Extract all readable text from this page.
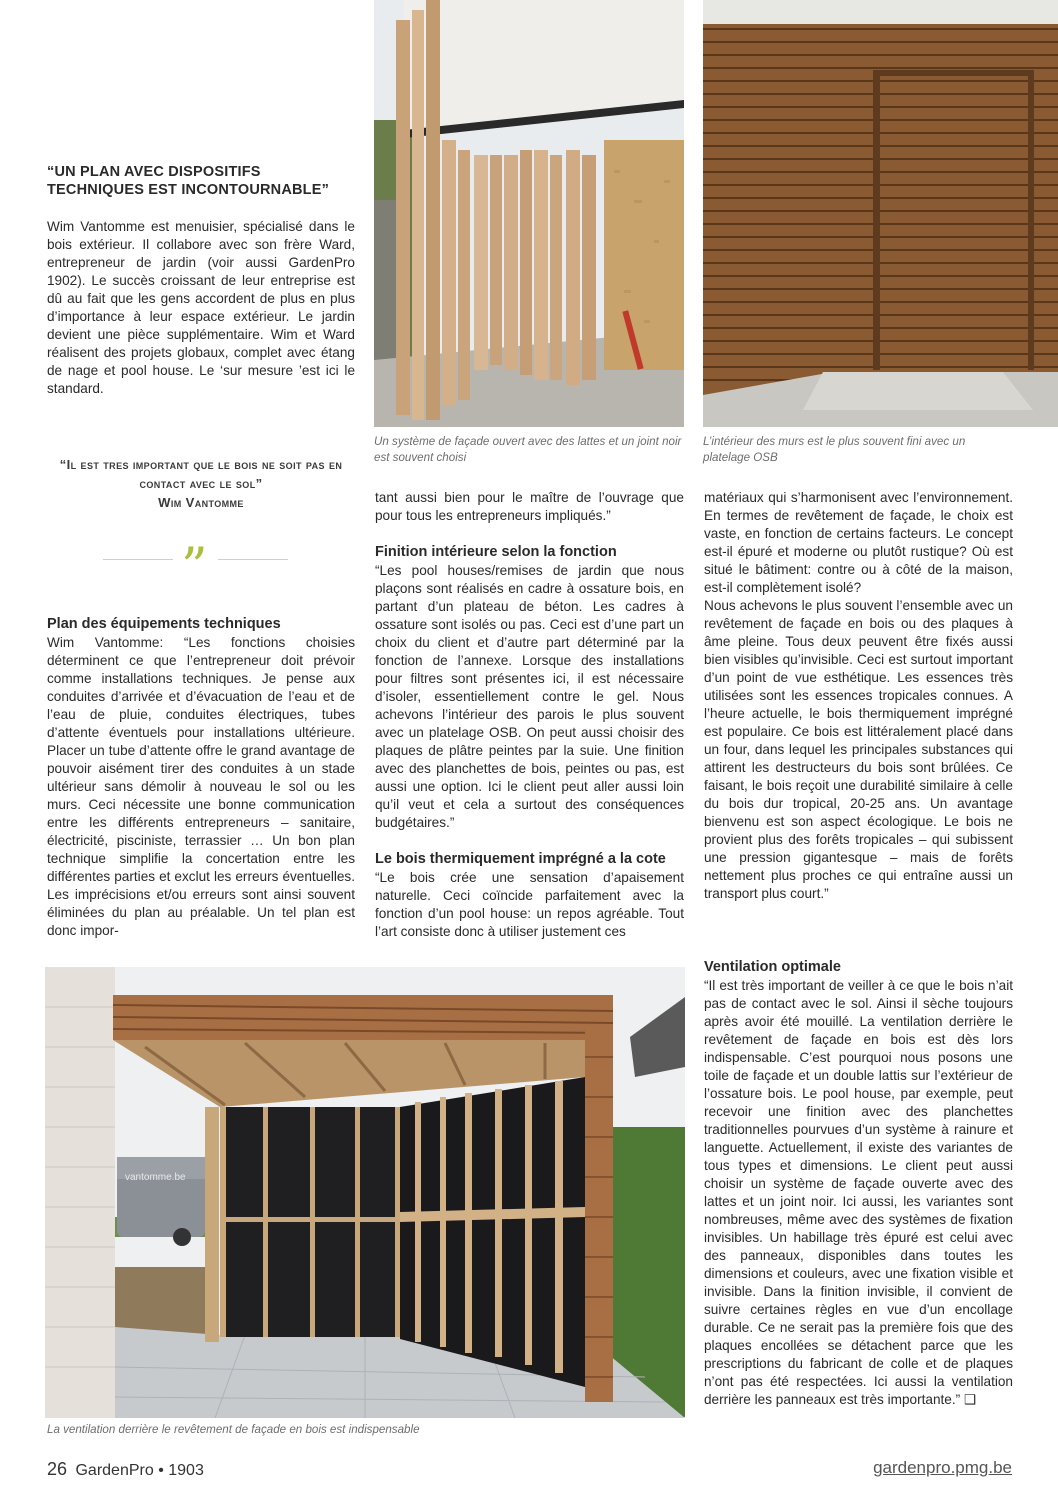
Un système de façade ouvert avec des lattes et un joint noir est souvent choisi
L’intérieur des murs est le plus souvent fini avec un platelage OSB
“UN PLAN AVEC DISPOSITIFS TECHNIQUES EST INCONTOURNABLE”
Wim Vantomme est menuisier, spécialisé dans le bois extérieur. Il collabore avec son frère Ward, entrepreneur de jardin (voir aussi GardenPro 1902). Le succès croissant de leur entreprise est dû au fait que les gens accordent de plus en plus d’importance à leur espace extérieur. Le jardin devient une pièce supplémentaire. Wim et Ward réalisent des projets globaux, complet avec étang de nage et pool house. Le ‘sur mesure ’est ici le standard.
“Il est tres important que le bois ne soit pas en contact avec le sol”
Wim Vantomme
”
Plan des équipements techniques
Wim Vantomme: “Les fonctions choisies déterminent ce que l’entrepreneur doit prévoir comme installations techniques. Je pense aux conduites d’arrivée et d’évacuation de l’eau et de l’eau de pluie, conduites électriques, tubes d’attente éventuels pour installations ultérieure. Placer un tube d’attente offre le grand avantage de pouvoir aisément tirer des conduites à un stade ultérieur sans démolir à nouveau le sol ou les murs. Ceci nécessite une bonne communication entre les différents entrepreneurs – sanitaire, électricité, pisciniste, terrassier … Un bon plan technique simplifie la concertation entre les différentes parties et exclut les erreurs éventuelles. Les imprécisions et/ou erreurs sont ainsi souvent éliminées du plan au préalable. Un tel plan est donc impor-
tant aussi bien pour le maître de l’ouvrage que pour tous les entrepreneurs impliqués.”
Finition intérieure selon la fonction
“Les pool houses/remises de jardin que nous plaçons sont réalisés en cadre à ossature bois, en partant d’un plateau de béton. Les cadres à ossature sont isolés ou pas. Ceci est d’une part un choix du client et d’autre part déterminé par la fonction de l’annexe. Lorsque des installations pour filtres sont présentes ici, il est nécessaire d’isoler, essentiellement contre le gel. Nous achevons l’intérieur des parois le plus souvent avec un platelage OSB. On peut aussi choisir des plaques de plâtre peintes par la suie. Une finition avec des planchettes de bois, peintes ou pas, est aussi une option. Ici le client peut aller aussi loin qu’il veut et cela a surtout des conséquences budgétaires.”
Le bois thermiquement imprégné a la cote
“Le bois crée une sensation d’apaisement naturelle. Ceci coïncide parfaitement avec la fonction d’un pool house: un repos agréable. Tout l’art consiste donc à utiliser justement ces

matériaux qui s’harmonisent avec l’environnement. En termes de revêtement de façade, le choix est vaste, en fonction de certains facteurs. Le concept est-il épuré et moderne ou plutôt rustique? Où est situé le bâtiment: contre ou à côté de la maison, est-il complètement isolé?

Nous achevons le plus souvent l’ensemble avec un revêtement de façade en bois ou des plaques à âme pleine. Tous deux peuvent être fixés aussi bien visibles qu’invisible. Ceci est surtout important d’un point de vue esthétique. Les essences très utilisées sont les essences tropicales connues. A l’heure actuelle, le bois thermiquement imprégné est populaire. Ce bois est littéralement placé dans un four, dans lequel les principales substances qui attirent les destructeurs du bois sont brûlées. Ce faisant, le bois reçoit une durabilité similaire à celle du bois dur tropical, 20-25 ans. Un avantage bienvenu est son aspect écologique. Le bois ne provient plus des forêts tropicales – qui subissent une pression gigantesque – mais de forêts nettement plus proches ce qui entraîne aussi un transport plus court.”

Ventilation optimale
“Il est très important de veiller à ce que le bois n’ait pas de contact avec le sol. Ainsi il sèche toujours après avoir été mouillé. La ventilation derrière le revêtement de façade en bois est dès lors indispensable. C’est pourquoi nous posons une toile de façade et un double lattis sur l’extérieur de l’ossature bois. Le pool house, par exemple, peut recevoir une finition avec des planchettes traditionnelles pourvues d’un système à rainure et languette. Actuellement, il existe des variantes de tous types et dimensions. Le client peut aussi choisir un système de façade ouverte avec des lattes et un joint noir. Ici aussi, les variantes sont nombreuses, même avec des systèmes de fixation invisibles. Un habillage très épuré est celui avec des panneaux, disponibles dans toutes les dimensions et couleurs, avec une fixation visible et invisible. Dans la finition invisible, il convient de suivre certaines règles en vue d’un encollage durable. Ce ne serait pas la première fois que des plaques encollées se détachent parce que les prescriptions du fabricant de colle et de plaques n’ont pas été respectées. Ici aussi la ventilation derrière les panneaux est très importante.” ❑
vantomme.be
La ventilation derrière le revêtement de façade en bois est indispensable
26 GardenPro • 1903	gardenpro.pmg.be
